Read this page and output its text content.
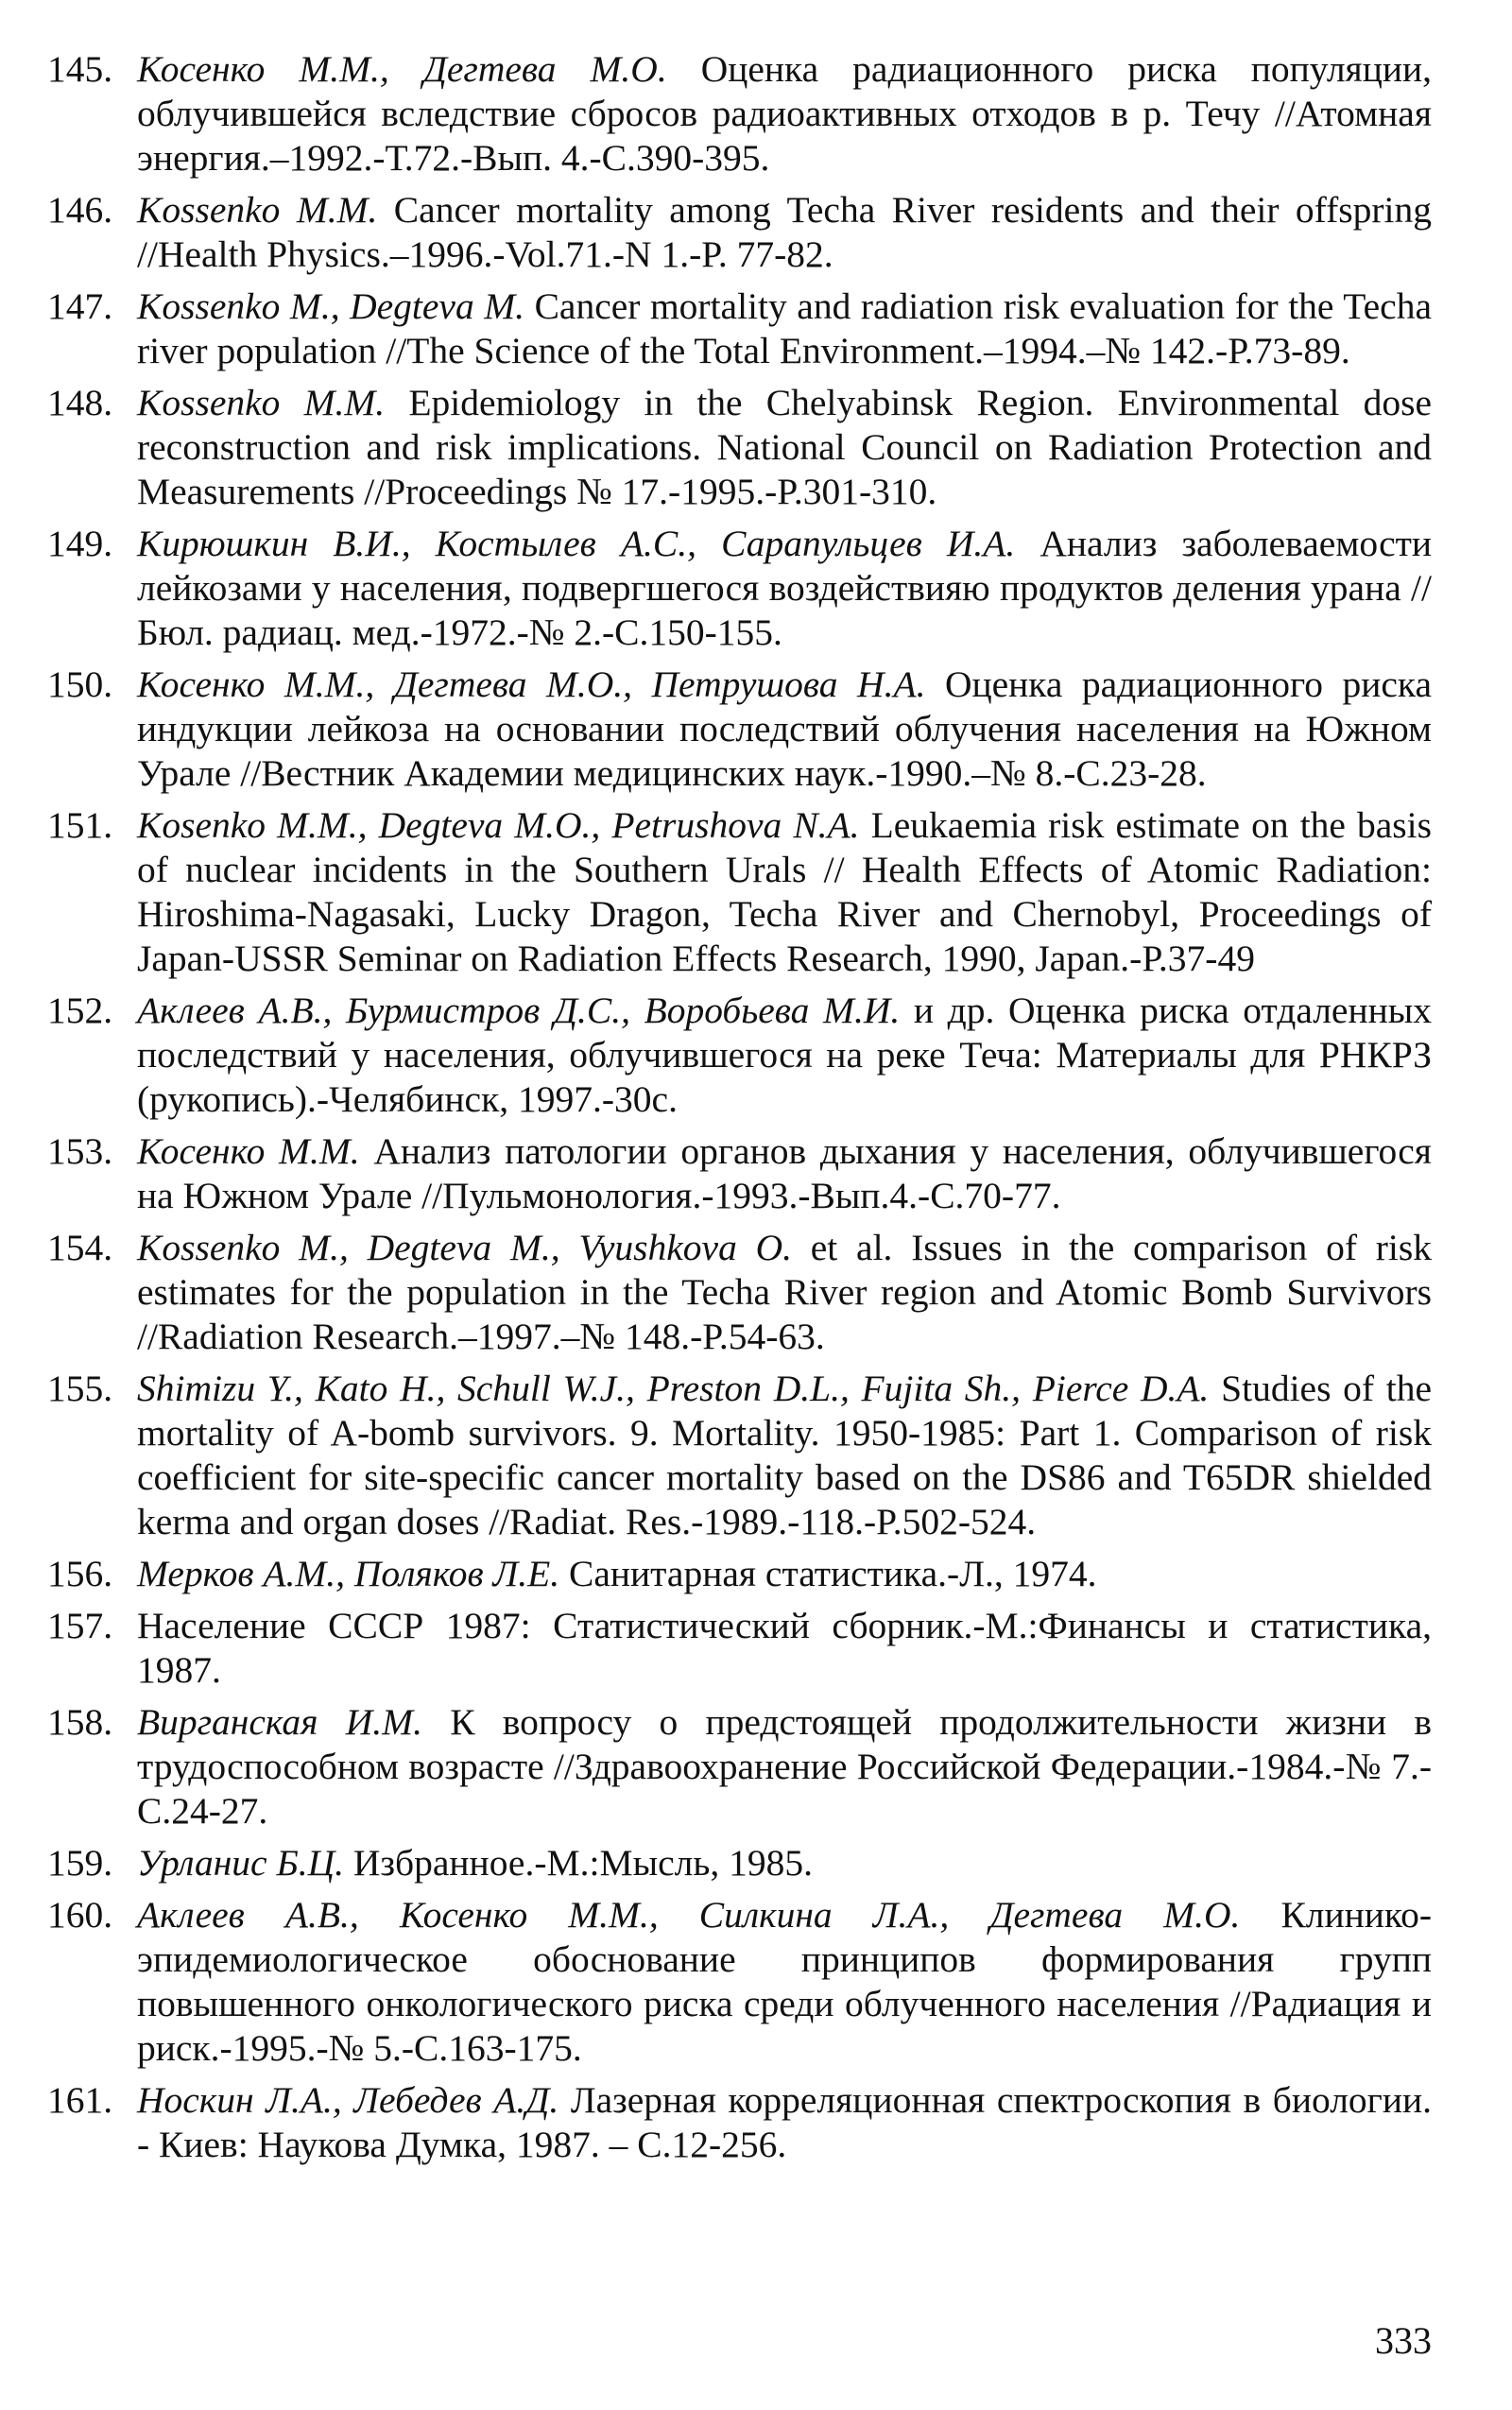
145. Косенко М.М., Дегтева М.О. Оценка радиационного риска популяции, облучившейся вследствие сбросов радиоактивных отходов в р. Течу //Атомная энергия.–1992.-Т.72.-Вып. 4.-С.390-395.
146. Kossenko M.M. Cancer mortality among Techa River residents and their offspring //Health Physics.–1996.-Vol.71.-N 1.-P. 77-82.
147. Kossenko M., Degteva M. Cancer mortality and radiation risk evaluation for the Techa river population //The Science of the Total Environment.–1994.–№ 142.-P.73-89.
148. Kossenko M.M. Epidemiology in the Chelyabinsk Region. Environmental dose reconstruction and risk implications. National Council on Radiation Protection and Measurements //Proceedings № 17.-1995.-P.301-310.
149. Кирюшкин В.И., Костылев А.С., Сарапульцев И.А. Анализ заболеваемости лейкозами у населения, подвергшегося воздействияю продуктов деления урана //Бюл. радиац. мед.-1972.-№ 2.-С.150-155.
150. Косенко М.М., Дегтева М.О., Петрушова Н.А. Оценка радиационного риска индукции лейкоза на основании последствий облучения населения на Южном Урале //Вестник Академии медицинских наук.-1990.–№ 8.-С.23-28.
151. Kosenko M.M., Degteva M.O., Petrushova N.A. Leukaemia risk estimate on the basis of nuclear incidents in the Southern Urals // Health Effects of Atomic Radiation: Hiroshima-Nagasaki, Lucky Dragon, Techa River and Chernobyl, Proceedings of Japan-USSR Seminar on Radiation Effects Research, 1990, Japan.-P.37-49
152. Аклеев А.В., Бурмистров Д.С., Воробьева М.И. и др. Оценка риска отдаленных последствий у населения, облучившегося на реке Теча: Материалы для РНКРЗ (рукопись).-Челябинск, 1997.-30с.
153. Косенко М.М. Анализ патологии органов дыхания у населения, облучившегося на Южном Урале //Пульмонология.-1993.-Вып.4.-С.70-77.
154. Kossenko M., Degteva M., Vyushkova O. et al. Issues in the comparison of risk estimates for the population in the Techa River region and Atomic Bomb Survivors //Radiation Research.–1997.–№ 148.-P.54-63.
155. Shimizu Y., Kato H., Schull W.J., Preston D.L., Fujita Sh., Pierce D.A. Studies of the mortality of A-bomb survivors. 9. Mortality. 1950-1985: Part 1. Comparison of risk coefficient for site-specific cancer mortality based on the DS86 and T65DR shielded kerma and organ doses //Radiat. Res.-1989.-118.-P.502-524.
156. Мерков А.М., Поляков Л.Е. Санитарная статистика.-Л., 1974.
157. Население СССР 1987: Статистический сборник.-М.:Финансы и статистика, 1987.
158. Вирганская И.М. К вопросу о предстоящей продолжительности жизни в трудоспособном возрасте //Здравоохранение Российской Федерации.-1984.-№ 7.-С.24-27.
159. Урланис Б.Ц. Избранное.-М.:Мысль, 1985.
160. Аклеев А.В., Косенко М.М., Силкина Л.А., Дегтева М.О. Клинико-эпидемиологическое обоснование принципов формирования групп повышенного онкологического риска среди облученного населения //Радиация и риск.-1995.-№ 5.-С.163-175.
161. Носкин Л.А., Лебедев А.Д. Лазерная корреляционная спектроскопия в биологии. - Киев: Наукова Думка, 1987. – С.12-256.
333
